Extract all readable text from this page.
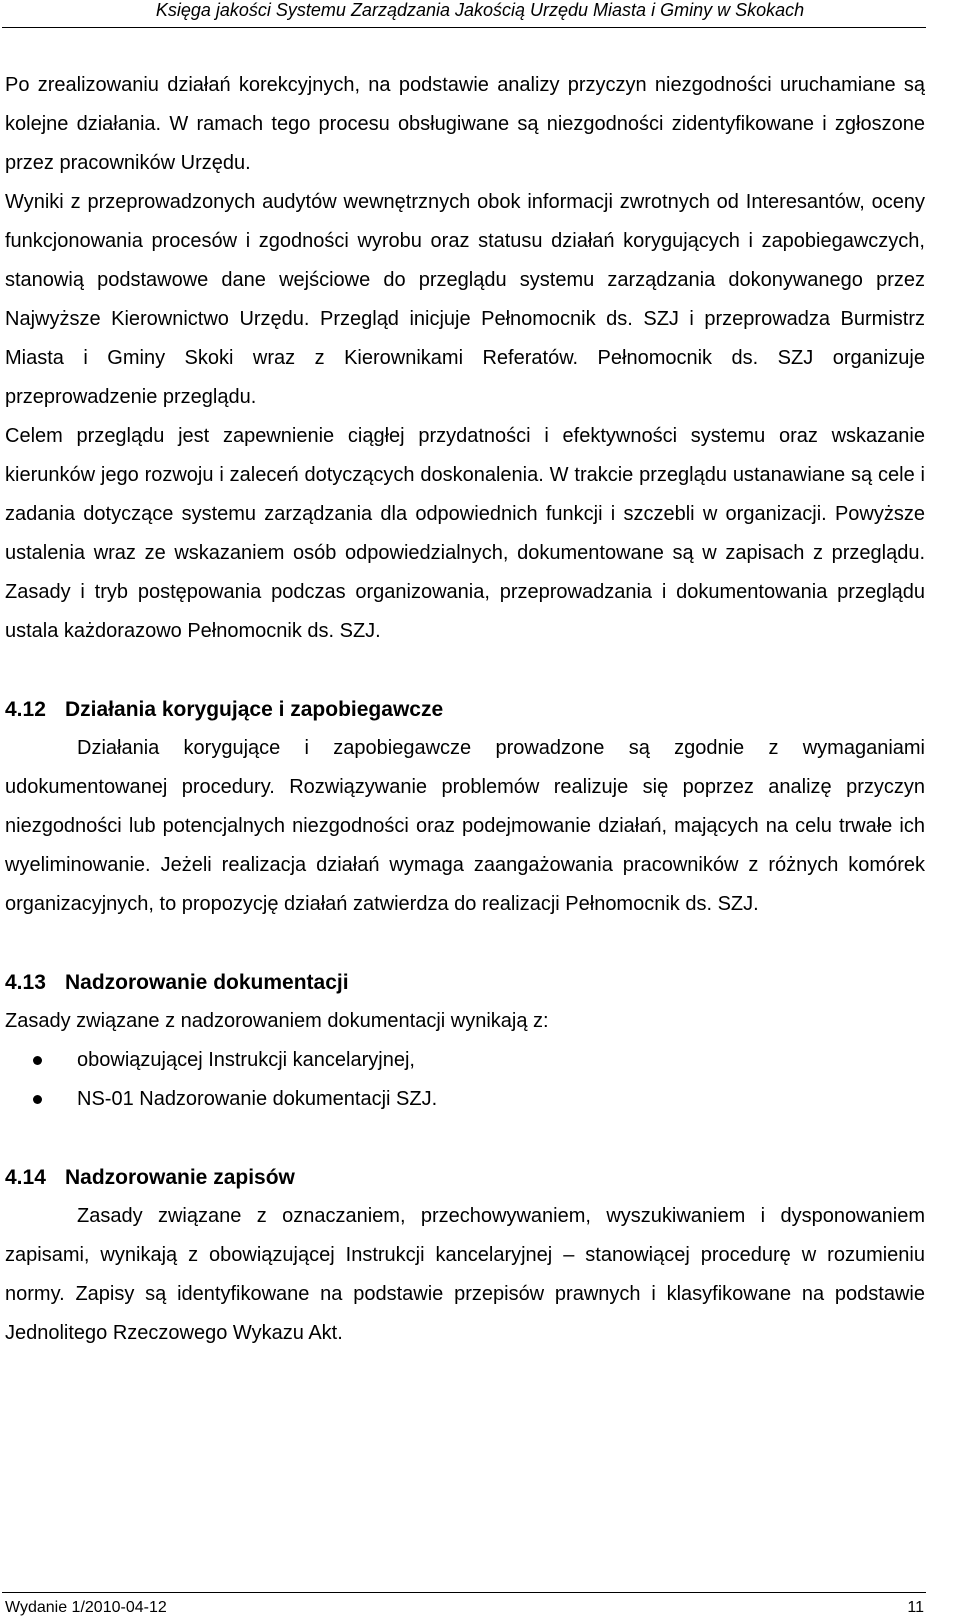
Księga jakości Systemu Zarządzania Jakością Urzędu Miasta i Gminy w Skokach

Po zrealizowaniu działań korekcyjnych, na podstawie analizy przyczyn niezgodności uruchamiane są kolejne działania. W ramach tego procesu obsługiwane są niezgodności zidentyfikowane i zgłoszone przez pracowników Urzędu.

Wyniki z przeprowadzonych audytów wewnętrznych obok informacji zwrotnych od Interesantów, oceny funkcjonowania procesów i zgodności wyrobu oraz statusu działań korygujących i zapobiegawczych, stanowią podstawowe dane wejściowe do przeglądu systemu zarządzania dokonywanego przez Najwyższe Kierownictwo Urzędu. Przegląd inicjuje Pełnomocnik ds. SZJ i przeprowadza Burmistrz Miasta i Gminy Skoki wraz z Kierownikami Referatów. Pełnomocnik ds. SZJ organizuje przeprowadzenie przeglądu.

Celem przeglądu jest zapewnienie ciągłej przydatności i efektywności systemu oraz wskazanie kierunków jego rozwoju i zaleceń dotyczących doskonalenia. W trakcie przeglądu ustanawiane są cele i zadania dotyczące systemu zarządzania dla odpowiednich funkcji i szczebli w organizacji. Powyższe ustalenia wraz ze wskazaniem osób odpowiedzialnych, dokumentowane są w zapisach z przeglądu. Zasady i tryb postępowania podczas organizowania, przeprowadzania i dokumentowania przeglądu ustala każdorazowo Pełnomocnik ds. SZJ.

4.12 Działania korygujące i zapobiegawcze

Działania korygujące i zapobiegawcze prowadzone są zgodnie z wymaganiami udokumentowanej procedury. Rozwiązywanie problemów realizuje się poprzez analizę przyczyn niezgodności lub potencjalnych niezgodności oraz podejmowanie działań, mających na celu trwałe ich wyeliminowanie. Jeżeli realizacja działań wymaga zaangażowania pracowników z różnych komórek organizacyjnych, to propozycję działań zatwierdza do realizacji Pełnomocnik ds. SZJ.

4.13 Nadzorowanie dokumentacji

Zasady związane z nadzorowaniem dokumentacji wynikają z:

obowiązującej Instrukcji kancelaryjnej,
NS-01 Nadzorowanie dokumentacji SZJ.
4.14 Nadzorowanie zapisów

Zasady związane z oznaczaniem, przechowywaniem, wyszukiwaniem i dysponowaniem zapisami, wynikają z obowiązującej Instrukcji kancelaryjnej – stanowiącej procedurę w rozumieniu normy. Zapisy są identyfikowane na podstawie przepisów prawnych i klasyfikowane na podstawie Jednolitego Rzeczowego Wykazu Akt.

Wydanie 1/2010-04-12	11
